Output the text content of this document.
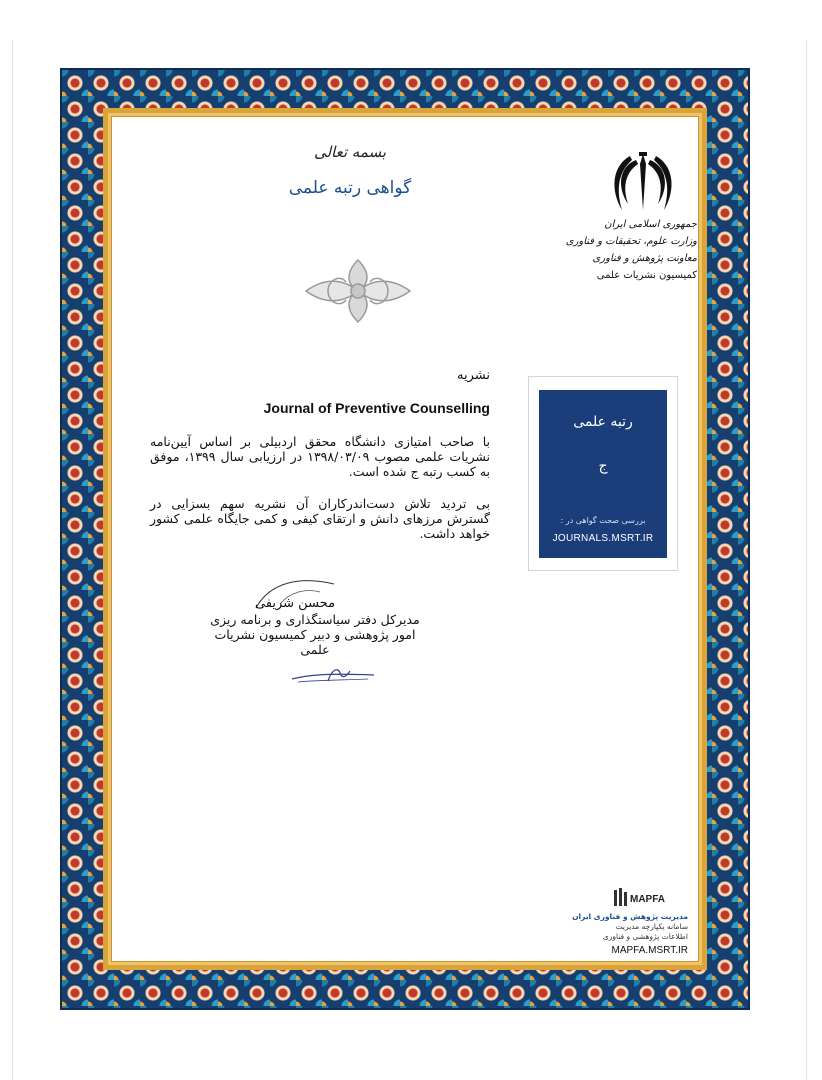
بسمه تعالی
گواهی رتبه علمی
جمهوری اسلامی ایران
وزارت علوم، تحقیقات و فناوری
معاونت پژوهش و فناوری
کمیسیون نشریات علمی
نشریه
Journal of Preventive Counselling
با صاحب امتیازی دانشگاه محقق اردبیلی بر اساس آیین‌نامه نشریات علمی مصوب ۱۳۹۸/۰۳/۰۹ در ارزیابی سال ۱۳۹۹، موفق به کسب رتبه ج شده است.
بی تردید تلاش دست‌اندرکاران آن نشریه سهم بسزایی در گسترش مرزهای دانش و ارتقای کیفی و کمی جایگاه علمی کشور خواهد داشت.
رتبه علمی
ج
بررسی صحت گواهی در :
JOURNALS.MSRT.IR
محسن شریفی
مدیرکل دفتر سیاستگذاری و برنامه ریزی امور پژوهشی و دبیر کمیسیون نشریات علمی
MAPFA
مدیریت پژوهش و فناوری ایران
سامانه یکپارچه مدیریت
اطلاعات پژوهشی و فناوری
MAPFA.MSRT.IR
